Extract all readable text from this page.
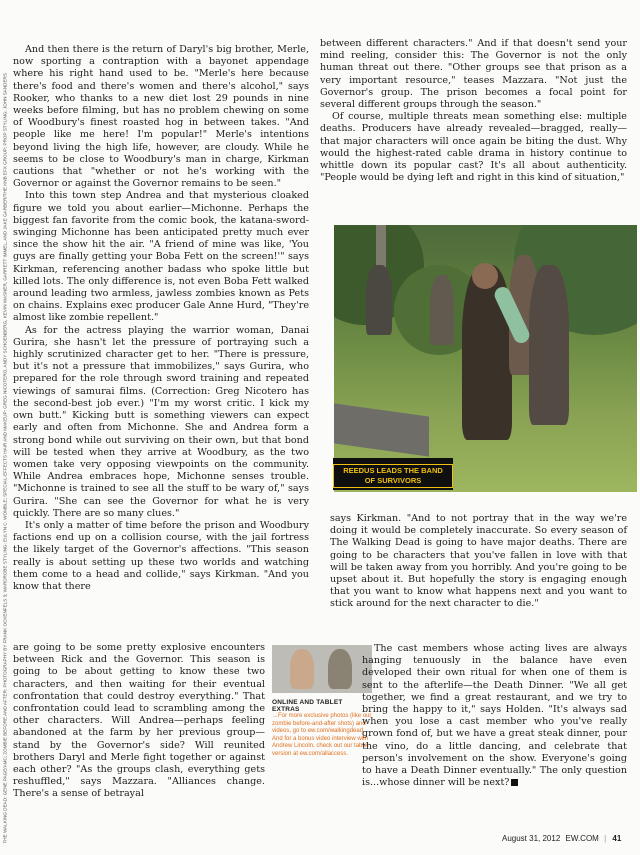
THE WALKING DEAD: GENE PAGE/AMC; ZOMBIE BEFORE AND AFTER: PHOTOGRAPHY BY FRANK OCKENFELS 3; WARDROBE STYLING: EULYN C. WOMBLE; SPECIAL-EFFECTS HAIR AND MAKEUP: GREG NICOTERO, ANDY SCHOENBERG, KEVIN WASNER, GARRETT IMMEL, AND JAKE GARBER/THE KNB EFX GROUP; PROP STYLING: JOHN SANDERS

And then there is the return of Daryl's big brother, Merle, now sporting a contraption with a bayonet appendage where his right hand used to be. "Merle's here because there's food and there's women and there's alcohol," says Rooker, who thanks to a new diet lost 29 pounds in nine weeks before filming, but has no problem chewing on some of Woodbury's finest roasted hog in between takes. "And people like me here! I'm popular!" Merle's intentions beyond living the high life, however, are cloudy. While he seems to be close to Woodbury's man in charge, Kirkman cautions that "whether or not he's working with the Governor or against the Governor remains to be seen."

Into this town step Andrea and that mysterious cloaked figure we told you about earlier—Michonne. Perhaps the biggest fan favorite from the comic book, the katana-sword-swinging Michonne has been anticipated pretty much ever since the show hit the air. "A friend of mine was like, 'You guys are finally getting your Boba Fett on the screen!'" says Kirkman, referencing another badass who spoke little but killed lots. The only difference is, not even Boba Fett walked around leading two armless, jawless zombies known as Pets on chains. Explains exec producer Gale Anne Hurd, "They're almost like zombie repellent."

As for the actress playing the warrior woman, Danai Gurira, she hasn't let the pressure of portraying such a highly scrutinized character get to her. "There is pressure, but it's not a pressure that immobilizes," says Gurira, who prepared for the role through sword training and repeated viewings of samurai films. (Correction: Greg Nicotero has the second-best job ever.) "I'm my worst critic. I kick my own butt." Kicking butt is something viewers can expect early and often from Michonne. She and Andrea form a strong bond while out surviving on their own, but that bond will be tested when they arrive at Woodbury, as the two women take very opposing viewpoints on the community. While Andrea embraces hope, Michonne senses trouble. "Michonne is trained to see all the stuff to be wary of," says Gurira. "She can see the Governor for what he is very quickly. There are so many clues."

It's only a matter of time before the prison and Woodbury factions end up on a collision course, with the jail fortress the likely target of the Governor's affections. "This season really is about setting up these two worlds and watching them come to a head and collide," says Kirkman. "And you know that there

are going to be some pretty explosive encounters between Rick and the Governor. This season is going to be about getting to know these two characters, and then waiting for their eventual confrontation that could destroy everything." That confrontation could lead to scrambling among the other characters. Will Andrea—perhaps feeling abandoned at the farm by her previous group—stand by the Governor's side? Will reunited brothers Daryl and Merle fight together or against each other? "As the groups clash, everything gets reshuffled," says Mazzara. "Alliances change. There's a sense of betrayal

between different characters." And if that doesn't send your mind reeling, consider this: The Governor is not the only human threat out there. "Other groups see that prison as a very important resource," teases Mazzara. "Not just the Governor's group. The prison becomes a focal point for several different groups through the season."

Of course, multiple threats mean something else: multiple deaths. Producers have already revealed—bragged, really—that major characters will once again be biting the dust. Why would the highest-rated cable drama in history continue to whittle down its popular cast? It's all about authenticity. "People would be dying left and right in this kind of situation,"

REEDUS LEADS THE BAND OF SURVIVORS

says Kirkman. "And to not portray that in the way we're doing it would be completely inaccurate. So every season of The Walking Dead is going to have major deaths. There are going to be characters that you've fallen in love with that will be taken away from you horribly. And you're going to be upset about it. But hopefully the story is engaging enough that you want to know what happens next and you want to stick around for the next character to die."

ONLINE AND TABLET EXTRAS
→For more exclusive photos (like our zombie before-and-after shots) and videos, go to ew.com/walkingdead. And for a bonus video interview with Andrew Lincoln, check out our tablet version at ew.com/allaccess.

The cast members whose acting lives are always hanging tenuously in the balance have even developed their own ritual for when one of them is sent to the afterlife—the Death Dinner. "We all get together, we find a great restaurant, and we try to bring the happy to it," says Holden. "It's always sad when you lose a cast member who you've really grown fond of, but we have a great steak dinner, pour the vino, do a little dancing, and celebrate that person's involvement on the show. Everyone's going to have a Death Dinner eventually." The only question is...whose dinner will be next?

August 31, 2012 EW.COM | 41
